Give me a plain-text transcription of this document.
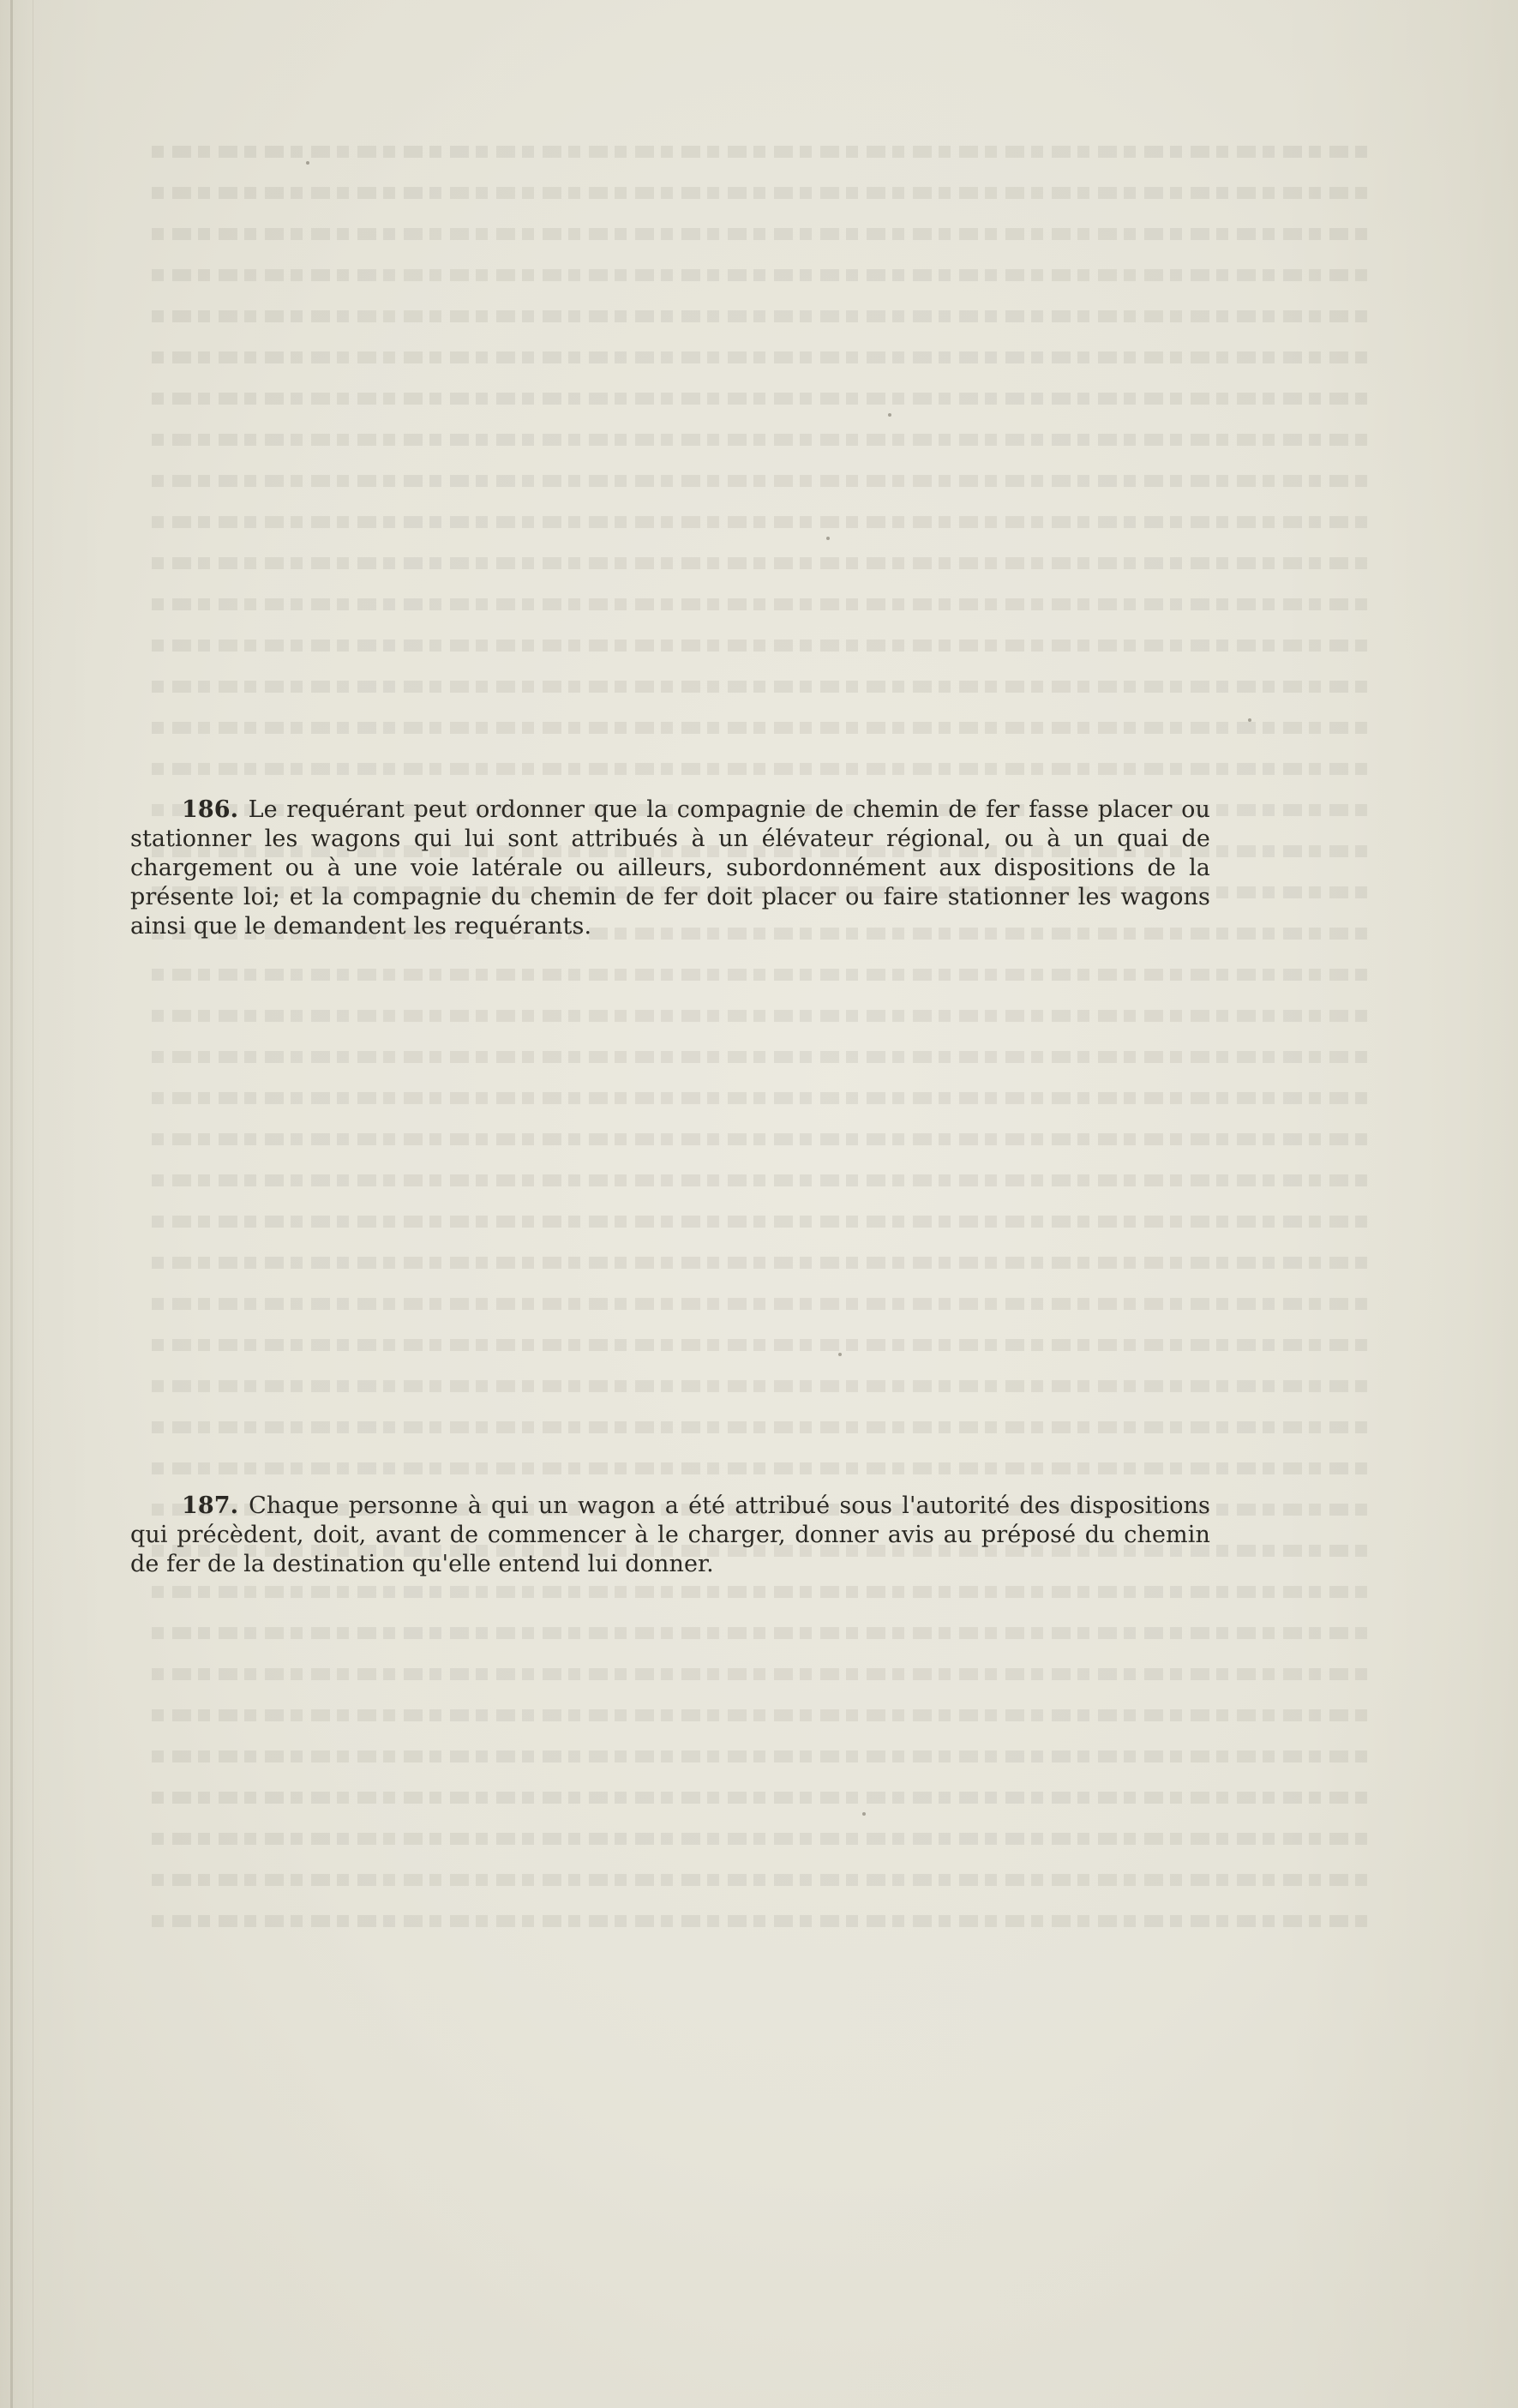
186. Le requérant peut ordonner que la compagnie de chemin de fer fasse placer ou stationner les wagons qui lui sont attribués à un élévateur régional, ou à un quai de chargement ou à une voie latérale ou ailleurs, subordonnément aux dispositions de la présente loi; et la compagnie du chemin de fer doit placer ou faire stationner les wagons ainsi que le demandent les requérants.
187. Chaque personne à qui un wagon a été attribué sous l'autorité des dispositions qui précèdent, doit, avant de commencer à le charger, donner avis au préposé du chemin de fer de la destination qu'elle entend lui donner.
